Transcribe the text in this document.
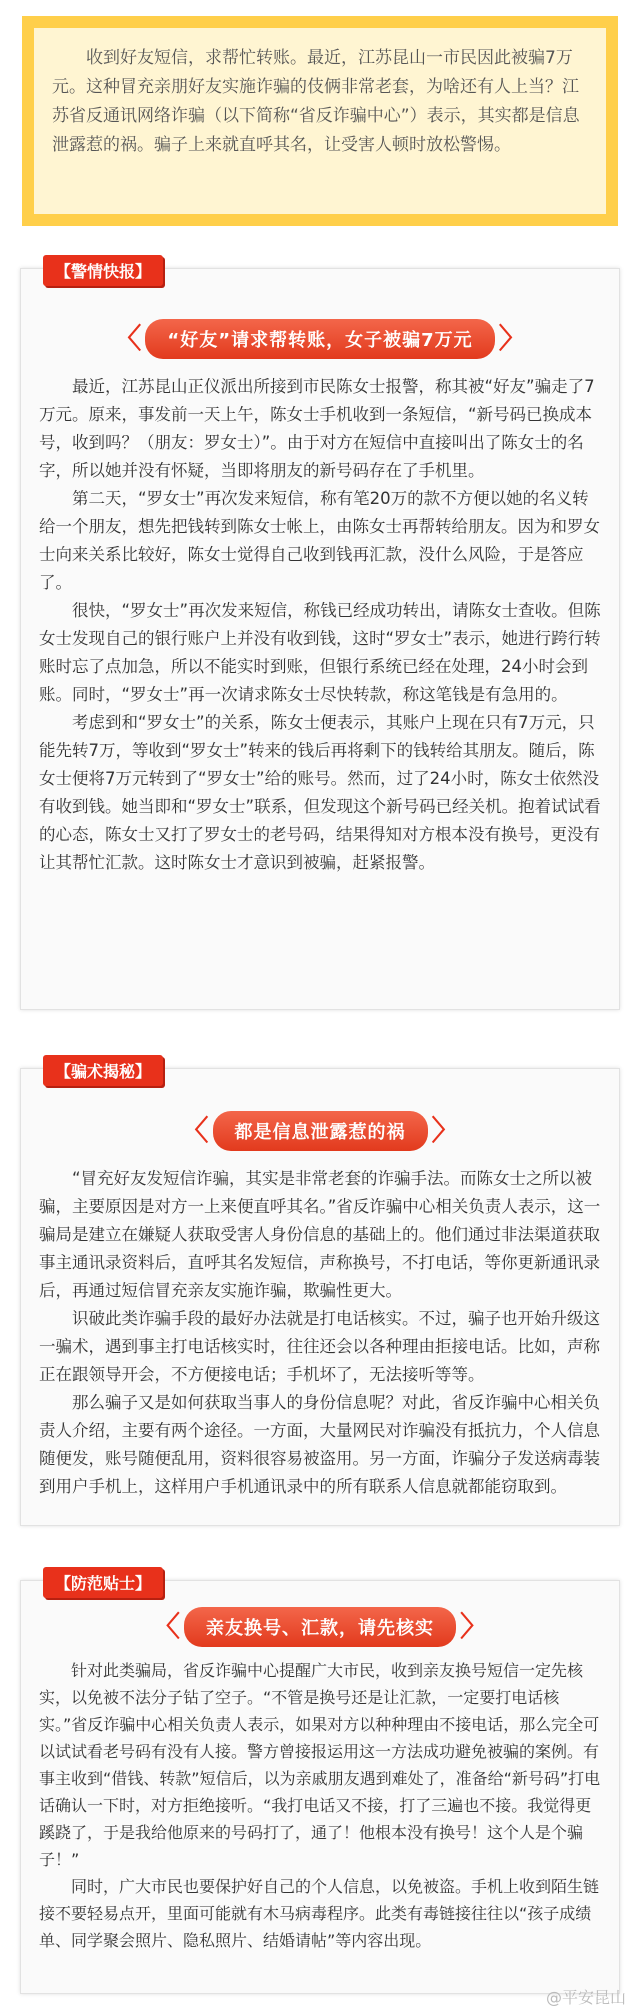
收到好友短信，求帮忙转账。最近，江苏昆山一市民因此被骗7万元。这种冒充亲朋好友实施诈骗的伎俩非常老套，为啥还有人上当？江苏省反通讯网络诈骗（以下简称“省反诈骗中心”）表示，其实都是信息泄露惹的祸。骗子上来就直呼其名，让受害人顿时放松警惕。
【警情快报】
〈	“好友”请求帮转账，女子被骗7万元 〉

最近，江苏昆山正仪派出所接到市民陈女士报警，称其被“好友”骗走了7万元。原来，事发前一天上午，陈女士手机收到一条短信，“新号码已换成本号，收到吗？（朋友：罗女士）”。由于对方在短信中直接叫出了陈女士的名字，所以她并没有怀疑，当即将朋友的新号码存在了手机里。

第二天，“罗女士”再次发来短信，称有笔20万的款不方便以她的名义转给一个朋友，想先把钱转到陈女士帐上，由陈女士再帮转给朋友。因为和罗女士向来关系比较好，陈女士觉得自己收到钱再汇款，没什么风险，于是答应了。

很快，“罗女士”再次发来短信，称钱已经成功转出，请陈女士查收。但陈女士发现自己的银行账户上并没有收到钱，这时“罗女士”表示，她进行跨行转账时忘了点加急，所以不能实时到账，但银行系统已经在处理，24小时会到账。同时，“罗女士”再一次请求陈女士尽快转款，称这笔钱是有急用的。

考虑到和“罗女士”的关系，陈女士便表示，其账户上现在只有7万元，只能先转7万，等收到“罗女士”转来的钱后再将剩下的钱转给其朋友。随后，陈女士便将7万元转到了“罗女士”给的账号。然而，过了24小时，陈女士依然没有收到钱。她当即和“罗女士”联系，但发现这个新号码已经关机。抱着试试看的心态，陈女士又打了罗女士的老号码，结果得知对方根本没有换号，更没有让其帮忙汇款。这时陈女士才意识到被骗，赶紧报警。

【骗术揭秘】
〈	都是信息泄露惹的祸 〉

“冒充好友发短信诈骗，其实是非常老套的诈骗手法。而陈女士之所以被骗，主要原因是对方一上来便直呼其名。”省反诈骗中心相关负责人表示，这一骗局是建立在嫌疑人获取受害人身份信息的基础上的。他们通过非法渠道获取事主通讯录资料后，直呼其名发短信，声称换号，不打电话，等你更新通讯录后，再通过短信冒充亲友实施诈骗，欺骗性更大。

识破此类诈骗手段的最好办法就是打电话核实。不过，骗子也开始升级这一骗术，遇到事主打电话核实时，往往还会以各种理由拒接电话。比如，声称正在跟领导开会，不方便接电话；手机坏了，无法接听等等。

那么骗子又是如何获取当事人的身份信息呢？对此，省反诈骗中心相关负责人介绍，主要有两个途径。一方面，大量网民对诈骗没有抵抗力，个人信息随便发，账号随便乱用，资料很容易被盗用。另一方面，诈骗分子发送病毒装到用户手机上，这样用户手机通讯录中的所有联系人信息就都能窃取到。

【防范贴士】
〈	亲友换号、汇款，请先核实 〉

针对此类骗局，省反诈骗中心提醒广大市民，收到亲友换号短信一定先核实，以免被不法分子钻了空子。“不管是换号还是让汇款，一定要打电话核实。”省反诈骗中心相关负责人表示，如果对方以种种理由不接电话，那么完全可以试试看老号码有没有人接。警方曾接报运用这一方法成功避免被骗的案例。有事主收到“借钱、转款”短信后，以为亲戚朋友遇到难处了，准备给“新号码”打电话确认一下时，对方拒绝接听。“我打电话又不接，打了三遍也不接。我觉得更蹊跷了，于是我给他原来的号码打了，通了！他根本没有换号！这个人是个骗子！”

同时，广大市民也要保护好自己的个人信息，以免被盗。手机上收到陌生链接不要轻易点开，里面可能就有木马病毒程序。此类有毒链接往往以“孩子成绩单、同学聚会照片、隐私照片、结婚请帖”等内容出现。

@平安昆山
